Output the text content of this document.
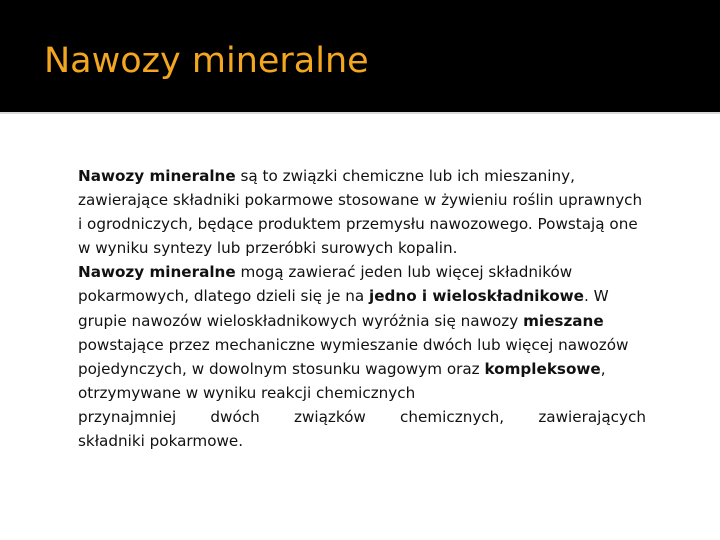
Nawozy mineralne

Nawozy mineralne są to związki chemiczne lub ich mieszaniny, zawierające składniki pokarmowe stosowane w żywieniu roślin uprawnych i ogrodniczych, będące produktem przemysłu nawozowego. Powstają one w wyniku syntezy lub przeróbki surowych kopalin.

Nawozy mineralne mogą zawierać jeden lub więcej składników pokarmowych, dlatego dzieli się je na jedno i wieloskładnikowe. W grupie nawozów wieloskładnikowych wyróżnia się nawozy mieszane powstające przez mechaniczne wymieszanie dwóch lub więcej nawozów pojedynczych, w dowolnym stosunku wagowym oraz kompleksowe, otrzymywane w wyniku reakcji chemicznych

przynajmniej dwóch związków chemicznych, zawierających

składniki pokarmowe.
